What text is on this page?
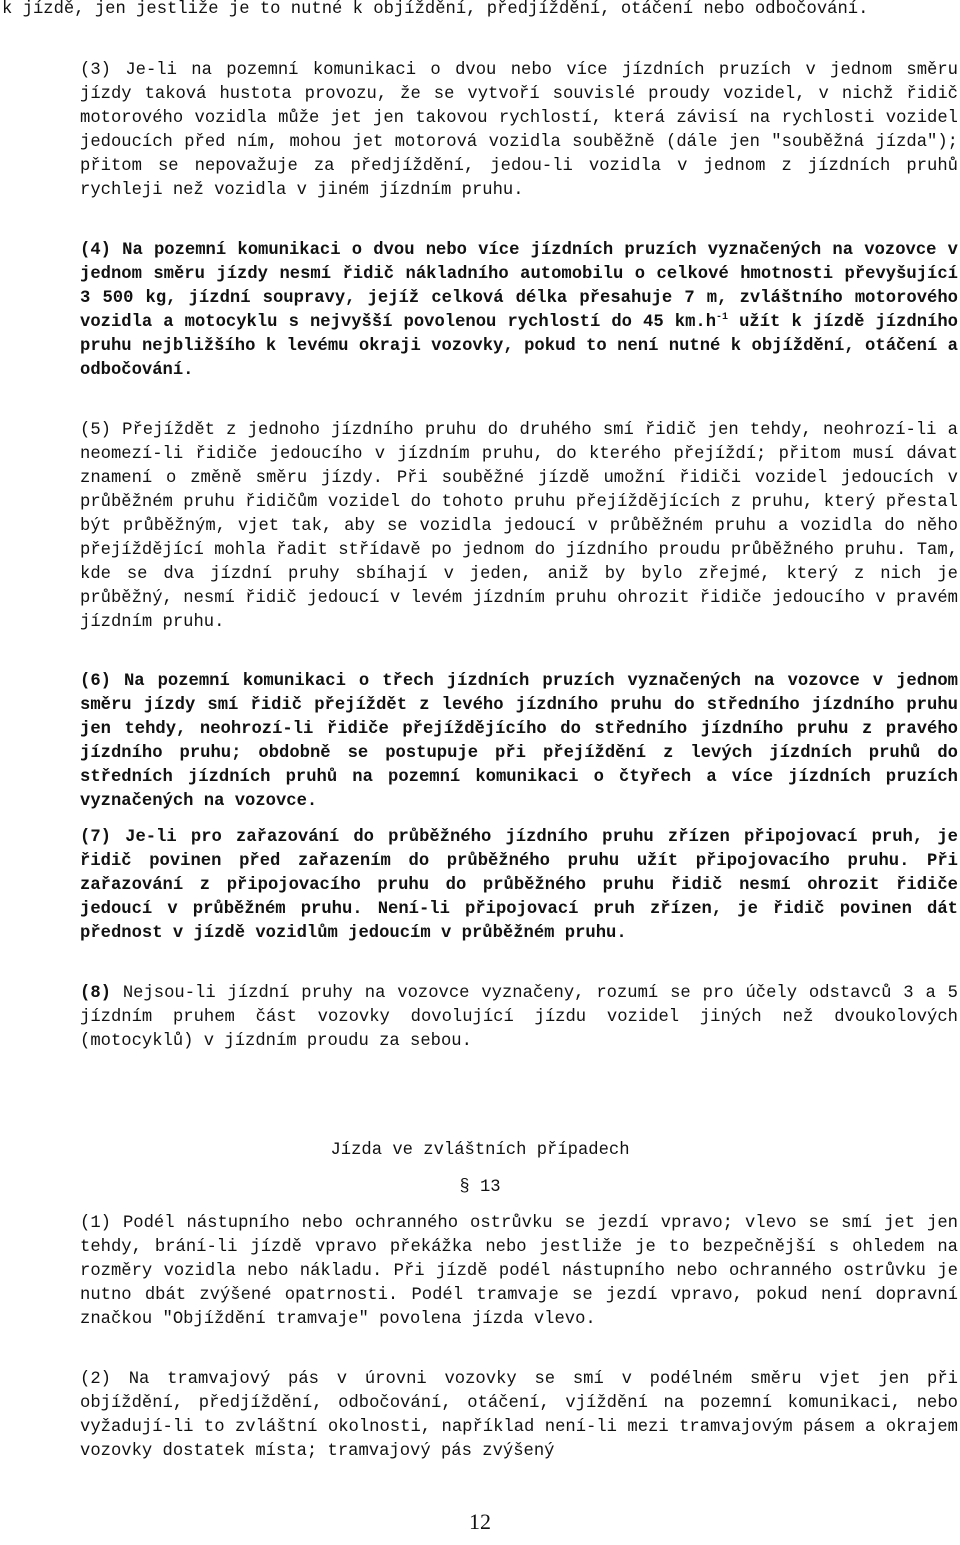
k jízdě, jen jestliže je to nutné k objíždění, předjíždění, otáčení nebo odbočování.

(3) Je-li na pozemní komunikaci o dvou nebo více jízdních pruzích v jednom směru jízdy taková hustota provozu, že se vytvoří souvislé proudy vozidel, v nichž řidič motorového vozidla může jet jen takovou rychlostí, která závisí na rychlosti vozidel jedoucích před ním, mohou jet motorová vozidla souběžně (dále jen "souběžná jízda"); přitom se nepovažuje za předjíždění, jedou-li vozidla v jednom z jízdních pruhů rychleji než vozidla v jiném jízdním pruhu.

(4) Na pozemní komunikaci o dvou nebo více jízdních pruzích vyznačených na vozovce v jednom směru jízdy nesmí řidič nákladního automobilu o celkové hmotnosti převyšující 3 500 kg, jízdní soupravy, jejíž celková délka přesahuje 7 m, zvláštního motorového vozidla a motocyklu s nejvyšší povolenou rychlostí do 45 $km.h^{-1}$ užít k jízdě jízdního pruhu nejbližšího k levému okraji vozovky, pokud to není nutné k objíždění, otáčení a odbočování.

(5) Přejíždět z jednoho jízdního pruhu do druhého smí řidič jen tehdy, neohrozí-li a neomezí-li řidiče jedoucího v jízdním pruhu, do kterého přejíždí; přitom musí dávat znamení o změně směru jízdy. Při souběžné jízdě umožní řidiči vozidel jedoucích v průběžném pruhu řidičům vozidel do tohoto pruhu přejíždějících z pruhu, který přestal být průběžným, vjet tak, aby se vozidla jedoucí v průběžném pruhu a vozidla do něho přejíždějící mohla řadit střídavě po jednom do jízdního proudu průběžného pruhu. Tam, kde se dva jízdní pruhy sbíhají v jeden, aniž by bylo zřejmé, který z nich je průběžný, nesmí řidič jedoucí v levém jízdním pruhu ohrozit řidiče jedoucího v pravém jízdním pruhu.

(6) Na pozemní komunikaci o třech jízdních pruzích vyznačených na vozovce v jednom směru jízdy smí řidič přejíždět z levého jízdního pruhu do středního jízdního pruhu jen tehdy, neohrozí-li řidiče přejíždějícího do středního jízdního pruhu z pravého jízdního pruhu; obdobně se postupuje při přejíždění z levých jízdních pruhů do středních jízdních pruhů na pozemní komunikaci o čtyřech a více jízdních pruzích vyznačených na vozovce.

(7) Je-li pro zařazování do průběžného jízdního pruhu zřízen připojovací pruh, je řidič povinen před zařazením do průběžného pruhu užít připojovacího pruhu. Při zařazování z připojovacího pruhu do průběžného pruhu řidič nesmí ohrozit řidiče jedoucí v průběžném pruhu. Není-li připojovací pruh zřízen, je řidič povinen dát přednost v jízdě vozidlům jedoucím v průběžném pruhu.

(8) Nejsou-li jízdní pruhy na vozovce vyznačeny, rozumí se pro účely odstavců 3 a 5 jízdním pruhem část vozovky dovolující jízdu vozidel jiných než dvoukolových (motocyklů) v jízdním proudu za sebou.

Jízda ve zvláštních případech

§ 13

(1) Podél nástupního nebo ochranného ostrůvku se jezdí vpravo; vlevo se smí jet jen tehdy, brání-li jízdě vpravo překážka nebo jestliže je to bezpečnější s ohledem na rozměry vozidla nebo nákladu. Při jízdě podél nástupního nebo ochranného ostrůvku je nutno dbát zvýšené opatrnosti. Podél tramvaje se jezdí vpravo, pokud není dopravní značkou "Objíždění tramvaje" povolena jízda vlevo.

(2) Na tramvajový pás v úrovni vozovky se smí v podélném směru vjet jen při objíždění, předjíždění, odbočování, otáčení, vjíždění na pozemní komunikaci, nebo vyžadují-li to zvláštní okolnosti, například není-li mezi tramvajovým pásem a okrajem vozovky dostatek místa; tramvajový pás zvýšený

12
